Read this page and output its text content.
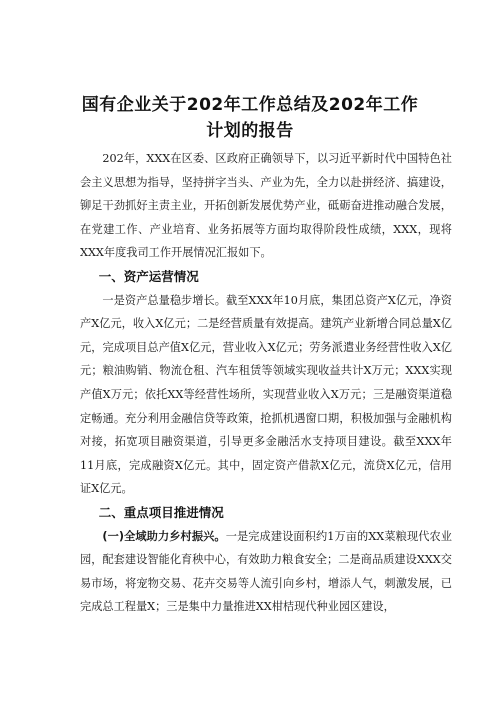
国有企业关于202年工作总结及202年工作
计划的报告

202年，XXX在区委、区政府正确领导下，以习近平新时代中国特色社会主义思想为指导，坚持拼字当头、产业为先，全力以赴拼经济、搞建设，铆足干劲抓好主责主业，开拓创新发展优势产业，砥砺奋进推动融合发展，在党建工作、产业培育、业务拓展等方面均取得阶段性成绩，XXX，现将XXX年度我司工作开展情况汇报如下。

一、资产运营情况

一是资产总量稳步增长。截至XXX年10月底，集团总资产X亿元，净资产X亿元，收入X亿元；二是经营质量有效提高。建筑产业新增合同总量X亿元，完成项目总产值X亿元，营业收入X亿元；劳务派遣业务经营性收入X亿元；粮油购销、物流仓租、汽车租赁等领域实现收益共计X万元；XXX实现产值X万元；依托XX等经营性场所，实现营业收入X万元；三是融资渠道稳定畅通。充分利用金融信贷等政策，抢抓机遇窗口期，积极加强与金融机构对接，拓宽项目融资渠道，引导更多金融活水支持项目建设。截至XXX年11月底，完成融资X亿元。其中，固定资产借款X亿元，流贷X亿元，信用证X亿元。

二、重点项目推进情况

(一)全域助力乡村振兴。一是完成建设面积约1万亩的XX菜粮现代农业园，配套建设智能化育秧中心，有效助力粮食安全；二是商品质建设XXX交易市场，将宠物交易、花卉交易等人流引向乡村，增添人气，刺激发展，已完成总工程量X；三是集中力量推进XX柑桔现代种业园区建设，
